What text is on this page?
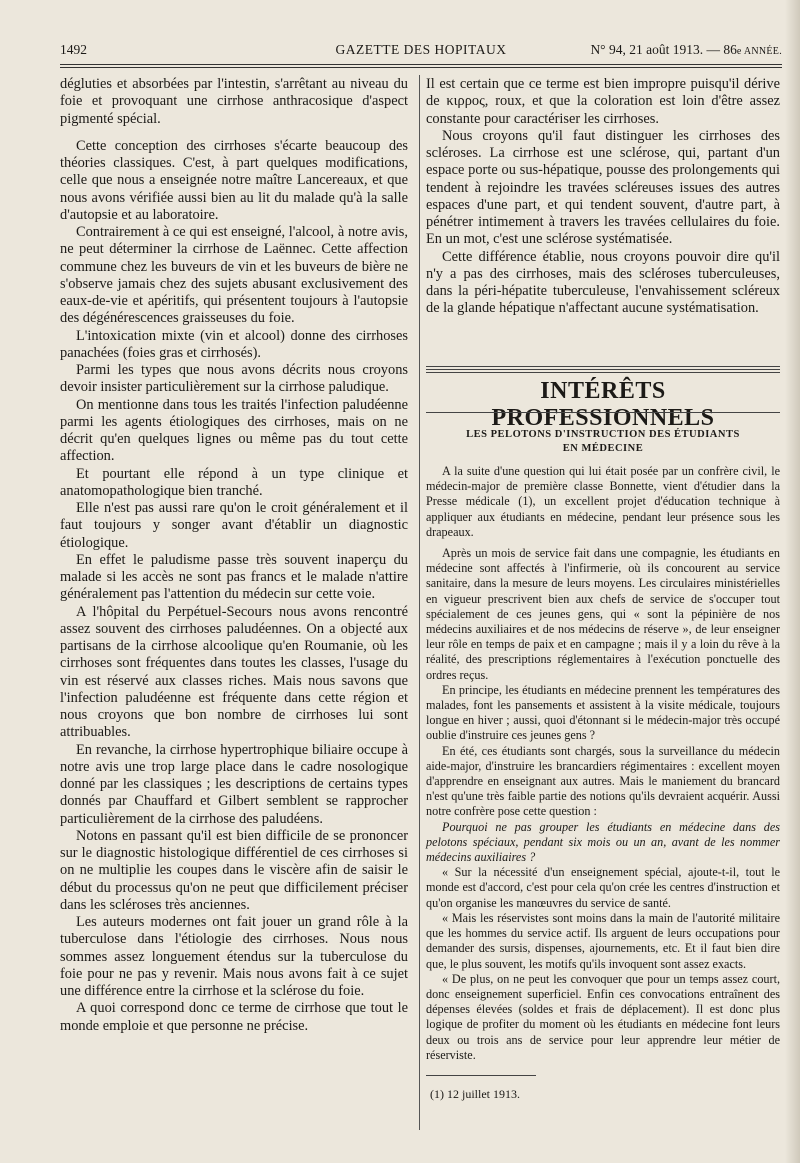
1492	GAZETTE DES HOPITAUX	N° 94, 21 août 1913. — 86e ANNÉE.

dégluties et absorbées par l'intestin, s'arrêtant au niveau du foie et provoquant une cirrhose anthracosique d'aspect pigmenté spécial.

Cette conception des cirrhoses s'écarte beaucoup des théories classiques. C'est, à part quelques modifications, celle que nous a enseignée notre maître Lancereaux, et que nous avons vérifiée aussi bien au lit du malade qu'à la salle d'autopsie et au laboratoire.

Contrairement à ce qui est enseigné, l'alcool, à notre avis, ne peut déterminer la cirrhose de Laënnec. Cette affection commune chez les buveurs de vin et les buveurs de bière ne s'observe jamais chez des sujets abusant exclusivement des eaux-de-vie et apéritifs, qui présentent toujours à l'autopsie des dégénérescences graisseuses du foie.

L'intoxication mixte (vin et alcool) donne des cirrhoses panachées (foies gras et cirrhosés).

Parmi les types que nous avons décrits nous croyons devoir insister particulièrement sur la cirrhose paludique.

On mentionne dans tous les traités l'infection paludéenne parmi les agents étiologiques des cirrhoses, mais on ne décrit qu'en quelques lignes ou même pas du tout cette affection.

Et pourtant elle répond à un type clinique et anatomopathologique bien tranché.

Elle n'est pas aussi rare qu'on le croit généralement et il faut toujours y songer avant d'établir un diagnostic étiologique.

En effet le paludisme passe très souvent inaperçu du malade si les accès ne sont pas francs et le malade n'attire généralement pas l'attention du médecin sur cette voie.

A l'hôpital du Perpétuel-Secours nous avons rencontré assez souvent des cirrhoses paludéennes. On a objecté aux partisans de la cirrhose alcoolique qu'en Roumanie, où les cirrhoses sont fréquentes dans toutes les classes, l'usage du vin est réservé aux classes riches. Mais nous savons que l'infection paludéenne est fréquente dans cette région et nous croyons que bon nombre de cirrhoses lui sont attribuables.

En revanche, la cirrhose hypertrophique biliaire occupe à notre avis une trop large place dans le cadre nosologique donné par les classiques ; les descriptions de certains types donnés par Chauffard et Gilbert semblent se rapprocher particulièrement de la cirrhose des paludéens.

Notons en passant qu'il est bien difficile de se prononcer sur le diagnostic histologique différentiel de ces cirrhoses si on ne multiplie les coupes dans le viscère afin de saisir le début du processus qu'on ne peut que difficilement préciser dans les scléroses très anciennes.

Les auteurs modernes ont fait jouer un grand rôle à la tuberculose dans l'étiologie des cirrhoses. Nous nous sommes assez longuement étendus sur la tuberculose du foie pour ne pas y revenir. Mais nous avons fait à ce sujet une différence entre la cirrhose et la sclérose du foie.

A quoi correspond donc ce terme de cirrhose que tout le monde emploie et que personne ne précise.

Il est certain que ce terme est bien impropre puisqu'il dérive de κιρρος, roux, et que la coloration est loin d'être assez constante pour caractériser les cirrhoses.

Nous croyons qu'il faut distinguer les cirrhoses des scléroses. La cirrhose est une sclérose, qui, partant d'un espace porte ou sus-hépatique, pousse des prolongements qui tendent à rejoindre les travées scléreuses issues des autres espaces d'une part, et qui tendent souvent, d'autre part, à pénétrer intimement à travers les travées cellulaires du foie. En un mot, c'est une sclérose systématisée.

Cette différence établie, nous croyons pouvoir dire qu'il n'y a pas des cirrhoses, mais des scléroses tuberculeuses, dans la péri-hépatite tuberculeuse, l'envahissement scléreux de la glande hépatique n'affectant aucune systématisation.

INTÉRÊTS PROFESSIONNELS
LES PELOTONS D'INSTRUCTION DES ÉTUDIANTS
EN MÉDECINE

A la suite d'une question qui lui était posée par un confrère civil, le médecin-major de première classe Bonnette, vient d'étudier dans la Presse médicale (1), un excellent projet d'éducation technique à appliquer aux étudiants en médecine, pendant leur présence sous les drapeaux.

Après un mois de service fait dans une compagnie, les étudiants en médecine sont affectés à l'infirmerie, où ils concourent au service sanitaire, dans la mesure de leurs moyens. Les circulaires ministérielles en vigueur prescrivent bien aux chefs de service de s'occuper tout spécialement de ces jeunes gens, qui « sont la pépinière de nos médecins auxiliaires et de nos médecins de réserve », de leur enseigner leur rôle en temps de paix et en campagne ; mais il y a loin du rêve à la réalité, des prescriptions réglementaires à l'exécution ponctuelle des ordres reçus.

En principe, les étudiants en médecine prennent les températures des malades, font les pansements et assistent à la visite médicale, toujours longue en hiver ; aussi, quoi d'étonnant si le médecin-major très occupé oublie d'instruire ces jeunes gens ?

En été, ces étudiants sont chargés, sous la surveillance du médecin aide-major, d'instruire les brancardiers régimentaires : excellent moyen d'apprendre en enseignant aux autres. Mais le maniement du brancard n'est qu'une très faible partie des notions qu'ils devraient acquérir. Aussi notre confrère pose cette question :

Pourquoi ne pas grouper les étudiants en médecine dans des pelotons spéciaux, pendant six mois ou un an, avant de les nommer médecins auxiliaires ?

« Sur la nécessité d'un enseignement spécial, ajoute-t-il, tout le monde est d'accord, c'est pour cela qu'on crée les centres d'instruction et qu'on organise les manœuvres du service de santé.

« Mais les réservistes sont moins dans la main de l'autorité militaire que les hommes du service actif. Ils arguent de leurs occupations pour demander des sursis, dispenses, ajournements, etc. Et il faut bien dire que, le plus souvent, les motifs qu'ils invoquent sont assez exacts.

« De plus, on ne peut les convoquer que pour un temps assez court, donc enseignement superficiel. Enfin ces convocations entraînent des dépenses élevées (soldes et frais de déplacement). Il est donc plus logique de profiter du moment où les étudiants en médecine font leurs deux ou trois ans de service pour leur apprendre leur métier de réserviste.

(1) 12 juillet 1913.
